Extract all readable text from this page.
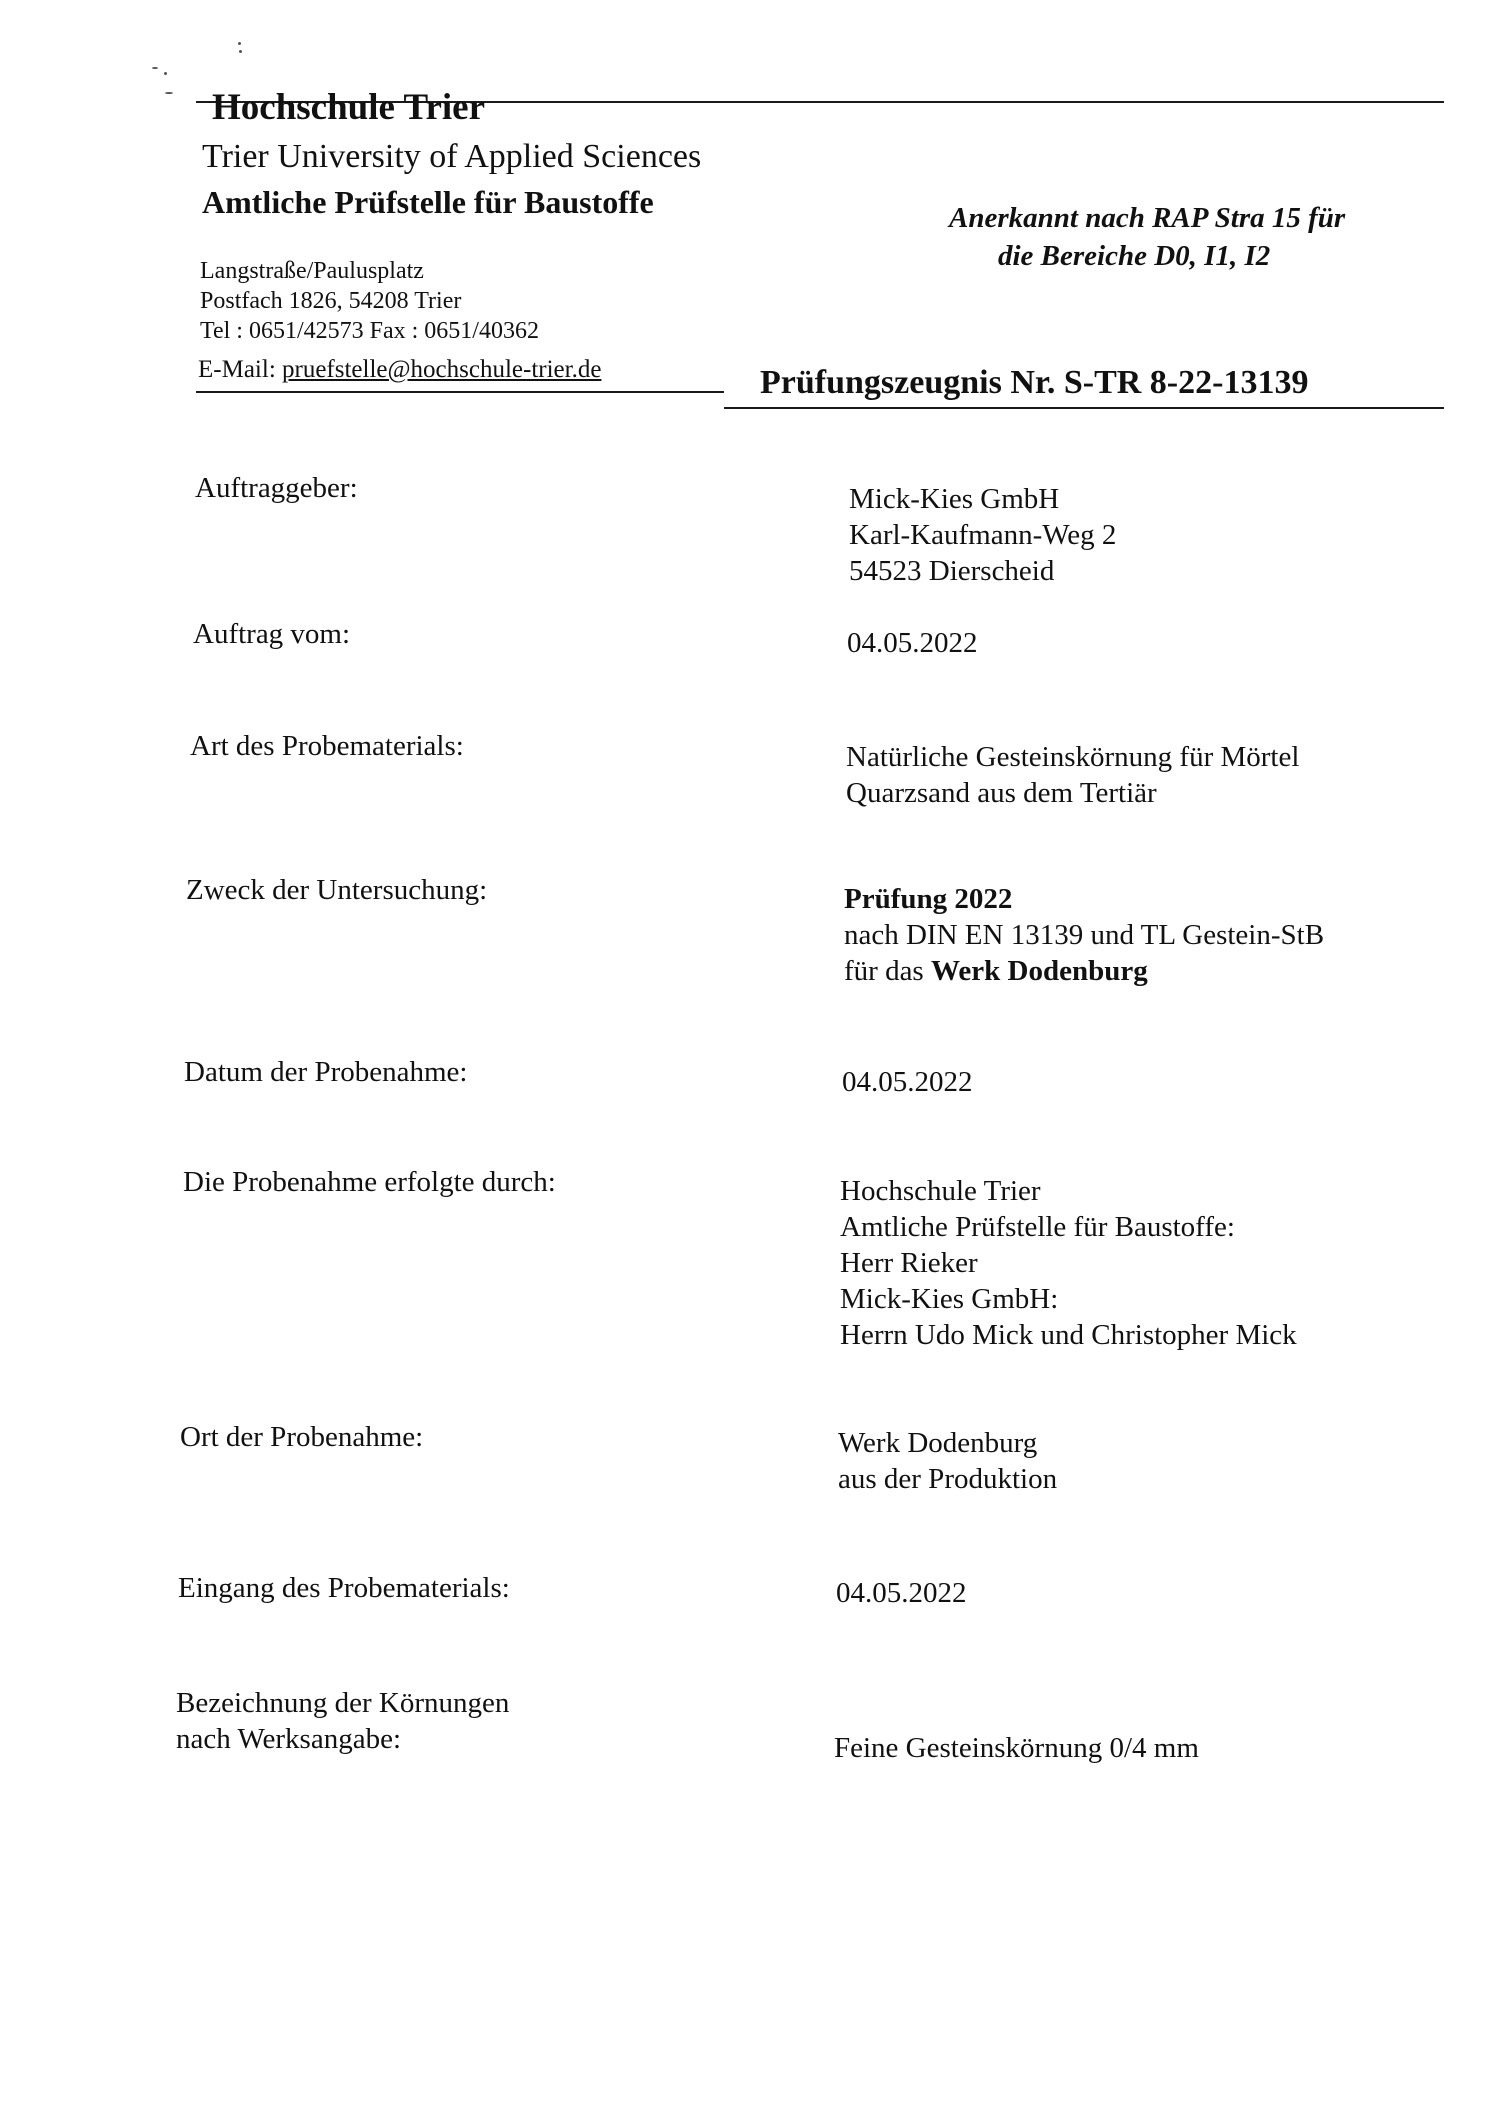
Hochschule Trier
Trier University of Applied Sciences
Amtliche Prüfstelle für Baustoffe
Langstraße/Paulusplatz
Postfach 1826, 54208 Trier
Tel : 0651/42573 Fax : 0651/40362
E-Mail: pruefstelle@hochschule-trier.de
Anerkannt nach RAP Stra 15 für
die Bereiche D0, I1, I2
Prüfungszeugnis Nr. S-TR 8-22-13139
Auftraggeber:	Mick-Kies GmbH
Karl-Kaufmann-Weg 2
54523 Dierscheid
Auftrag vom:	04.05.2022
Art des Probematerials:	Natürliche Gesteinskörnung für Mörtel
Quarzsand aus dem Tertiär
Zweck der Untersuchung:	Prüfung 2022
nach DIN EN 13139 und TL Gestein-StB
für das Werk Dodenburg
Datum der Probenahme:	04.05.2022
Die Probenahme erfolgte durch:	Hochschule Trier
Amtliche Prüfstelle für Baustoffe:
Herr Rieker
Mick-Kies GmbH:
Herrn Udo Mick und Christopher Mick
Ort der Probenahme:	Werk Dodenburg
aus der Produktion
Eingang des Probematerials:	04.05.2022
Bezeichnung der Körnungen
nach Werksangabe:	Feine Gesteinskörnung 0/4 mm
